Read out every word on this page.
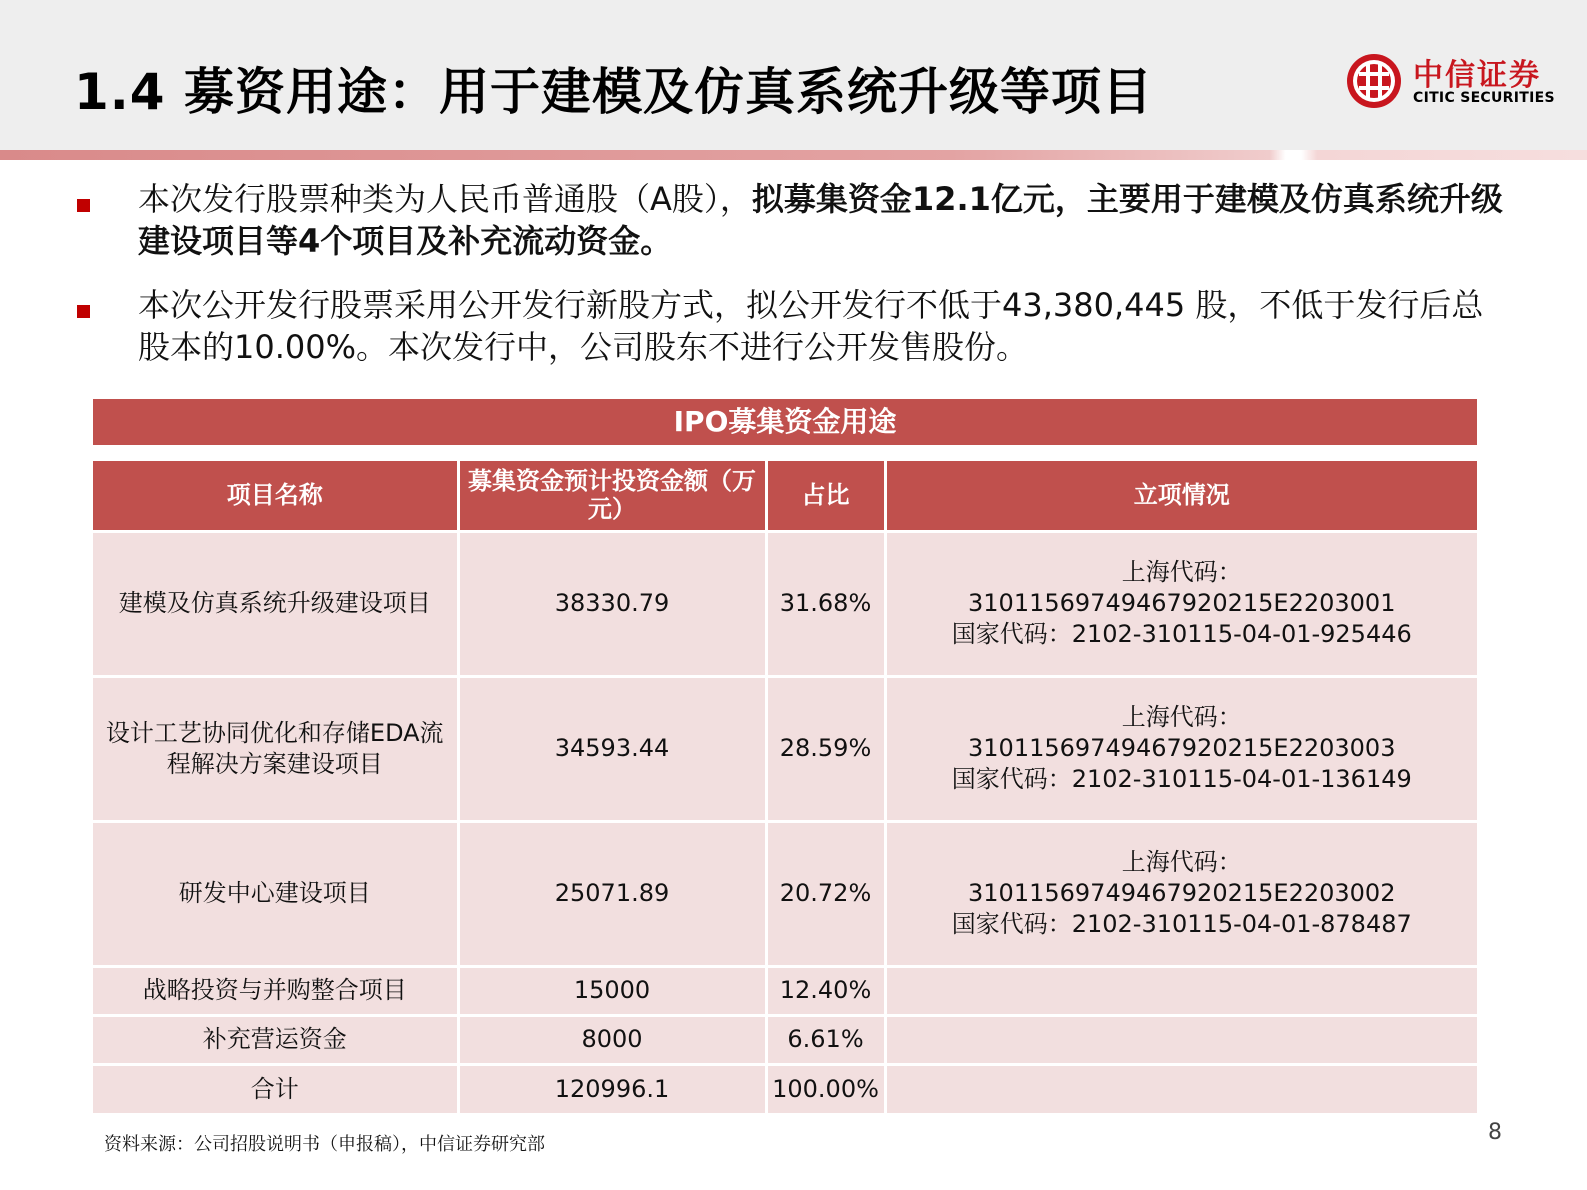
1.4 募资用途：用于建模及仿真系统升级等项目	中信证券
CITIC SECURITIES
本次发行股票种类为人民币普通股（A股），拟募集资金12.1亿元，主要用于建模及仿真系统升级建设项目等4个项目及补充流动资金。
本次公开发行股票采用公开发行新股方式，拟公开发行不低于43,380,445 股，不低于发行后总股本的10.00%。本次发行中，公司股东不进行公开发售股份。
IPO募集资金用途
项目名称	募集资金预计投资金额（万元）	占比	立项情况
建模及仿真系统升级建设项目	38330.79	31.68%	上海代码：
31011569749467920215E2203001
国家代码：2102-310115-04-01-925446

设计工艺协同优化和存储EDA流程解决方案建设项目	34593.44	28.59%	上海代码：
31011569749467920215E2203003
国家代码：2102-310115-04-01-136149

研发中心建设项目	25071.89	20.72%	上海代码：
31011569749467920215E2203002
国家代码：2102-310115-04-01-878487

战略投资与并购整合项目	15000	12.40%	
补充营运资金	8000	6.61%	
合计	120996.1	100.00%	
资料来源：公司招股说明书（申报稿），中信证券研究部	8
